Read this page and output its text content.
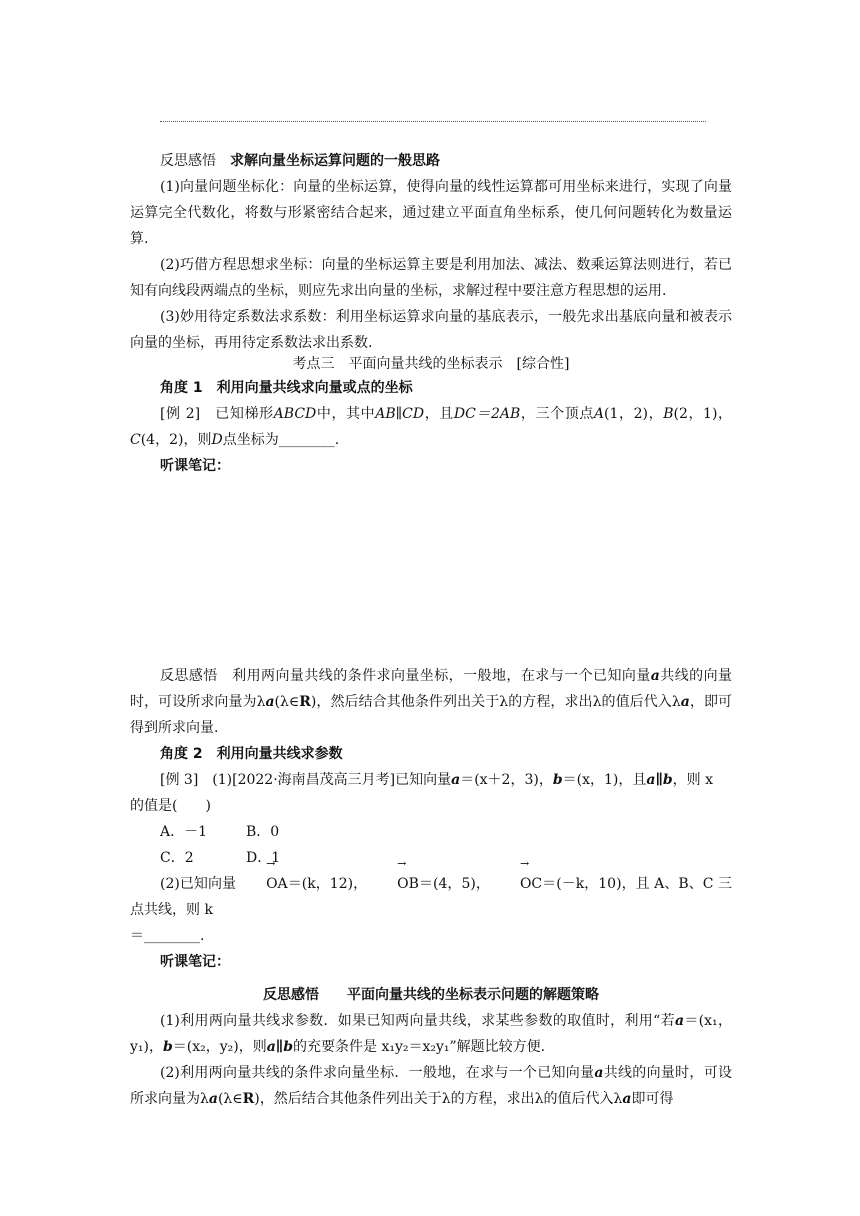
反思感悟　 求解向量坐标运算问题的一般思路

(1)向量问题坐标化：向量的坐标运算，使得向量的线性运算都可用坐标来进行，实现了向量运算完全代数化，将数与形紧密结合起来，通过建立平面直角坐标系，使几何问题转化为数量运算.

(2)巧借方程思想求坐标：向量的坐标运算主要是利用加法、减法、数乘运算法则进行，若已知有向线段两端点的坐标，则应先求出向量的坐标，求解过程中要注意方程思想的运用.

(3)妙用待定系数法求系数：利用坐标运算求向量的基底表示，一般先求出基底向量和被表示向量的坐标，再用待定系数法求出系数.

考点三　平面向量共线的坐标表示　[综合性]

角度 1　利用向量共线求向量或点的坐标

[例 2]　 已知梯形ABCD中，其中AB∥CD，且DC＝2AB，三个顶点A(1，2)，B(2，1)，C(4，2)，则D点坐标为________.

听课笔记：

反思感悟　利用两向量共线的条件求向量坐标，一般地，在求与一个已知向量a共线的向量时，可设所求向量为λa(λ∈R)，然后结合其他条件列出关于λ的方程，求出λ的值后代入λa，即可得到所求向量.

角度 2　利用向量共线求参数

[例 3]　 (1)[2022·海南昌茂高三月考]已知向量a＝(x＋2，3)，b＝(x，1)，且a∥b，则 x

的值是(　　)

A．－1	B．0

C．2	D．1

(2)已知向量 → OA＝(k，12)， → OB＝(4，5)， → OC＝(－k，10)，且 A、B、C 三点共线，则 k

＝________.

听课笔记：

反思感悟　　平面向量共线的坐标表示问题的解题策略

(1)利用两向量共线求参数．如果已知两向量共线，求某些参数的取值时，利用“若a＝(x₁，y₁)，b＝(x₂，y₂)，则a∥b的充要条件是 x₁y₂＝x₂y₁”解题比较方便.

(2)利用两向量共线的条件求向量坐标．一般地，在求与一个已知向量a共线的向量时，可设所求向量为λa(λ∈R)，然后结合其他条件列出关于λ的方程，求出λ的值后代入λa即可得
